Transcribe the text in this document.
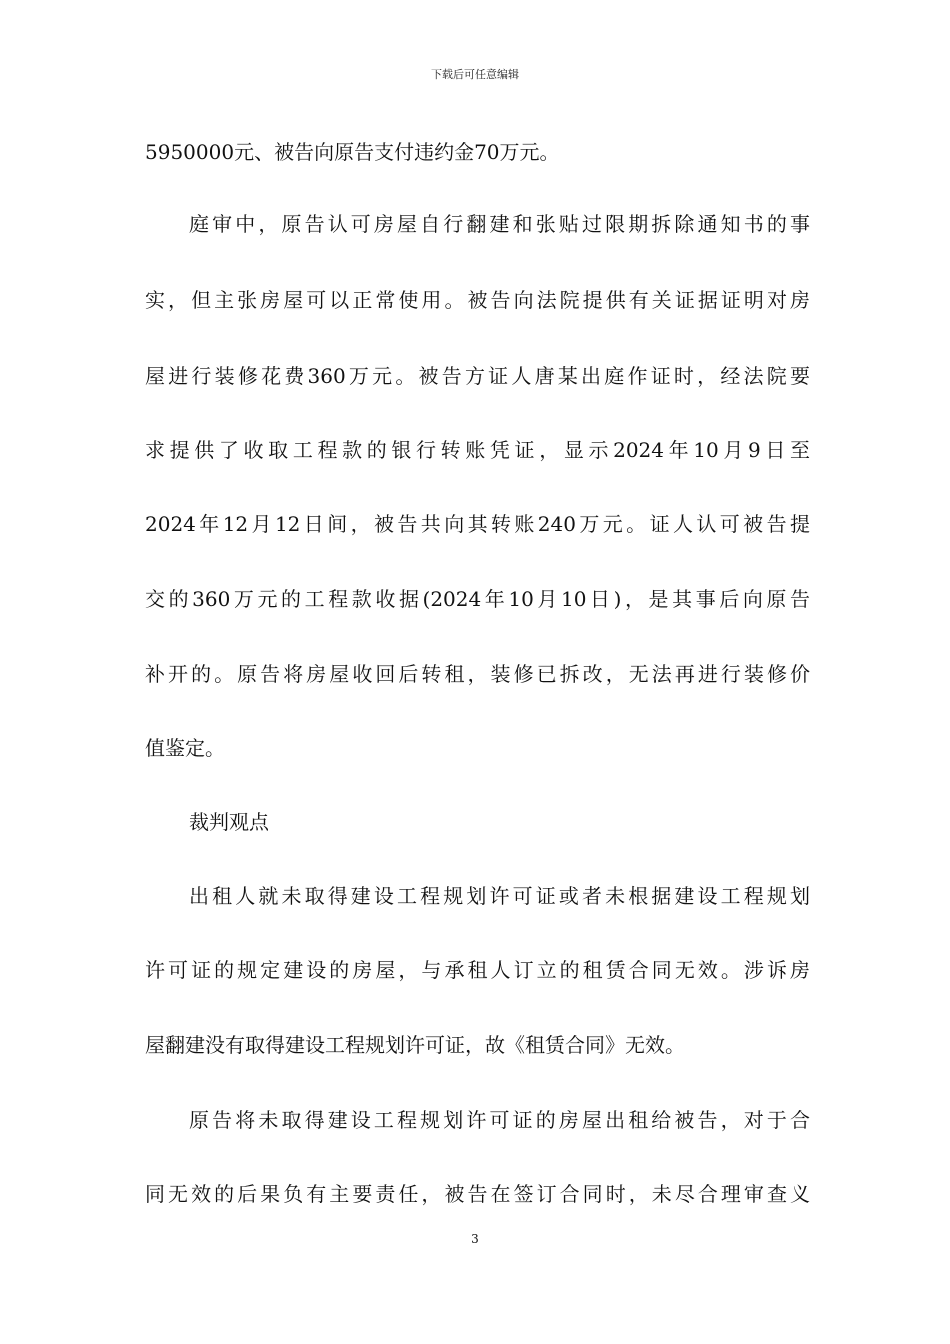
下载后可任意编辑
5950000元、被告向原告支付违约金70万元。
庭审中，原告认可房屋自行翻建和张贴过限期拆除通知书的事
实，但主张房屋可以正常使用。被告向法院提供有关证据证明对房
屋进行装修花费360万元。被告方证人唐某出庭作证时，经法院要
求提供了收取工程款的银行转账凭证，显示2024年10月9日至
2024年12月12日间，被告共向其转账240万元。证人认可被告提
交的360万元的工程款收据(2024年10月10日)，是其事后向原告
补开的。原告将房屋收回后转租，装修已拆改，无法再进行装修价
值鉴定。
裁判观点
出租人就未取得建设工程规划许可证或者未根据建设工程规划
许可证的规定建设的房屋，与承租人订立的租赁合同无效。涉诉房
屋翻建没有取得建设工程规划许可证，故《租赁合同》无效。
原告将未取得建设工程规划许可证的房屋出租给被告，对于合
同无效的后果负有主要责任，被告在签订合同时，未尽合理审查义
3
